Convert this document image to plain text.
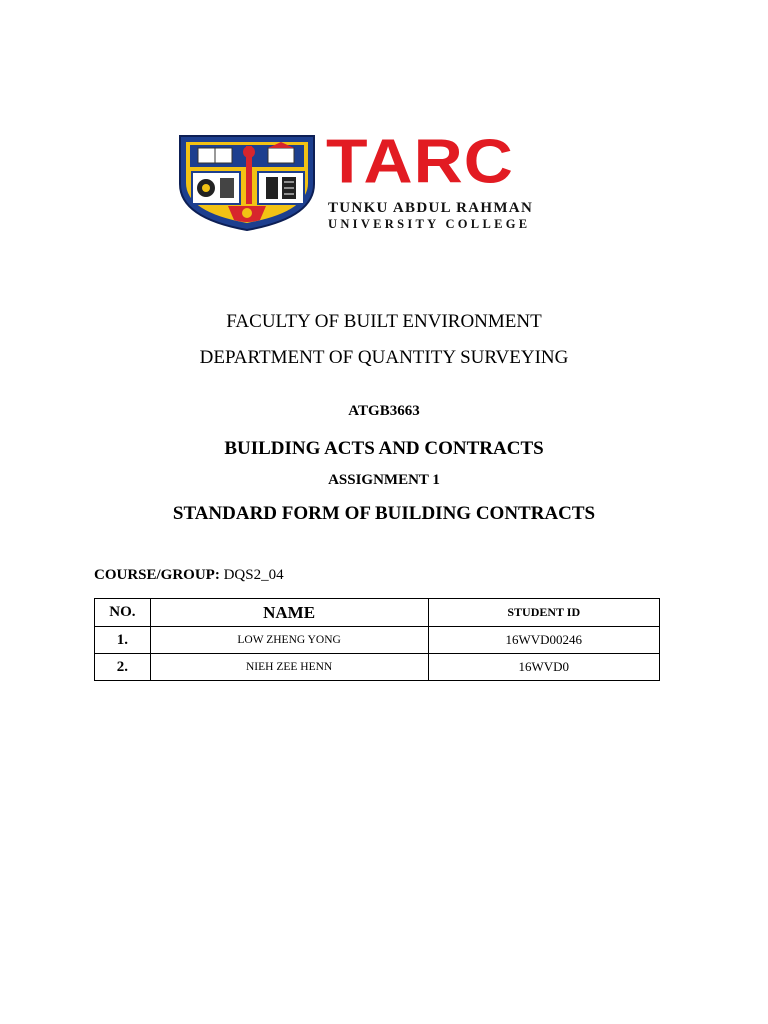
TARC
TUNKU ABDUL RAHMAN
UNIVERSITY COLLEGE
FACULTY OF BUILT ENVIRONMENT
DEPARTMENT OF QUANTITY SURVEYING
ATGB3663
BUILDING ACTS AND CONTRACTS
ASSIGNMENT 1
STANDARD FORM OF BUILDING CONTRACTS
COURSE/GROUP: DQS2_04
NO.	NAME	STUDENT ID
1.	LOW ZHENG YONG	16WVD00246
2.	NIEH ZEE HENN	16WVD0
